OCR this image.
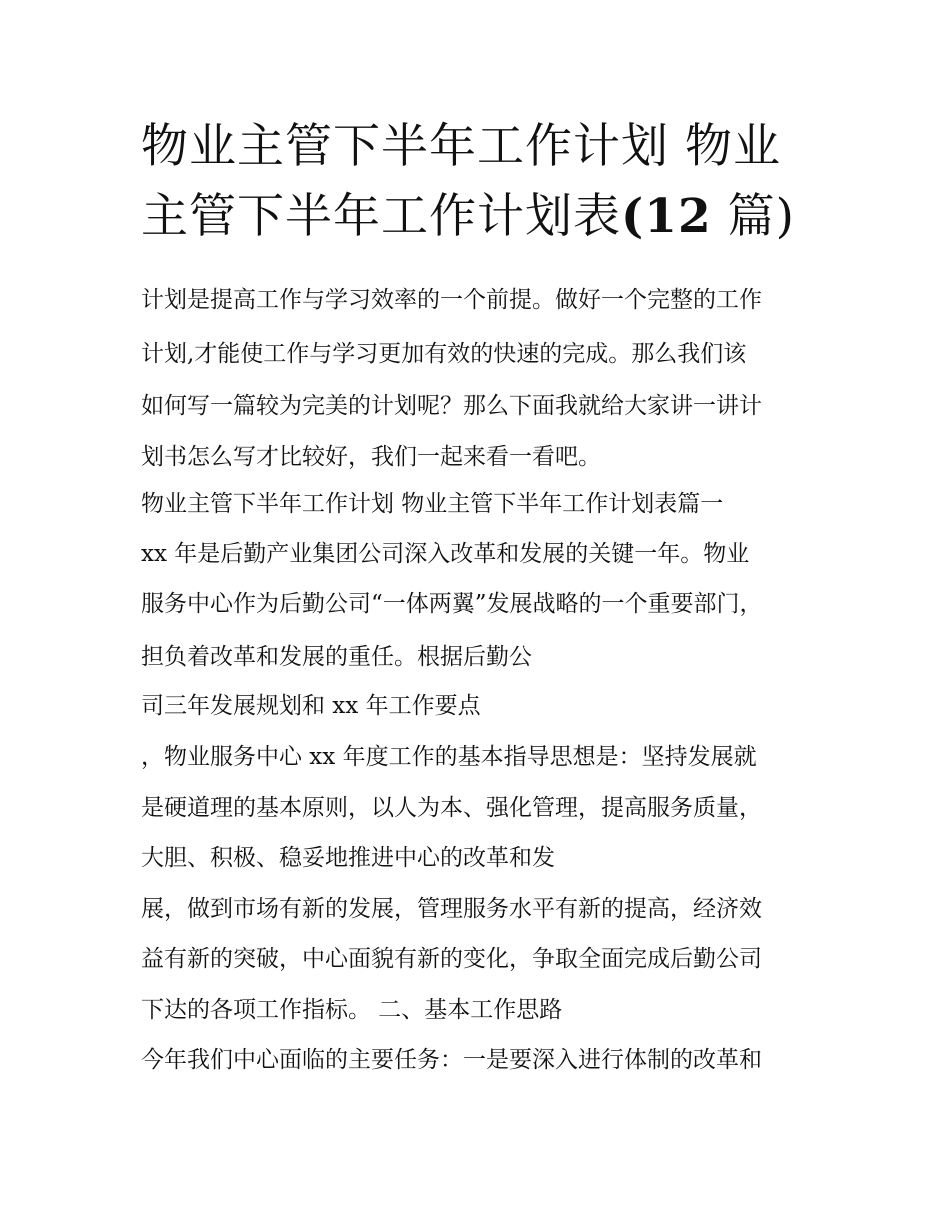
物业主管下半年工作计划 物业
主管下半年工作计划表(12 篇)

计划是提高工作与学习效率的一个前提。做好一个完整的工作

计划,才能使工作与学习更加有效的快速的完成。那么我们该

如何写一篇较为完美的计划呢？那么下面我就给大家讲一讲计

划书怎么写才比较好，我们一起来看一看吧。

物业主管下半年工作计划 物业主管下半年工作计划表篇一

xx 年是后勤产业集团公司深入改革和发展的关键一年。物业

服务中心作为后勤公司“一体两翼”发展战略的一个重要部门，

担负着改革和发展的重任。根据后勤公

司三年发展规划和 xx 年工作要点

，物业服务中心 xx 年度工作的基本指导思想是：坚持发展就

是硬道理的基本原则，以人为本、强化管理，提高服务质量，

大胆、积极、稳妥地推进中心的改革和发

展，做到市场有新的发展，管理服务水平有新的提高，经济效

益有新的突破，中心面貌有新的变化，争取全面完成后勤公司

下达的各项工作指标。 二、基本工作思路

今年我们中心面临的主要任务：一是要深入进行体制的改革和
